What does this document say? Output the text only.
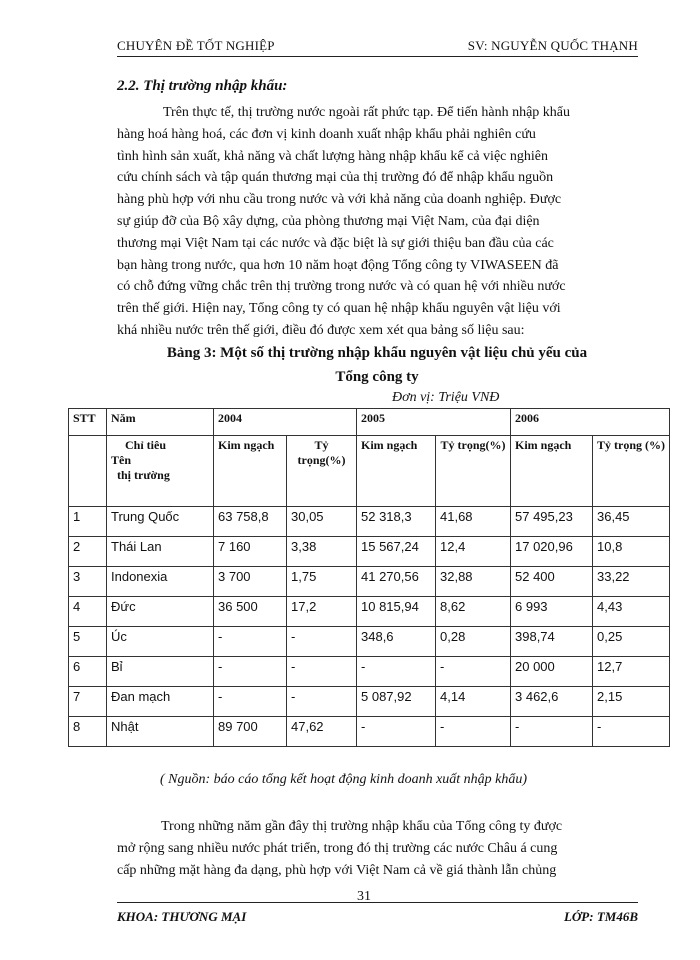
CHUYÊN ĐỀ TỐT NGHIỆP	SV: NGUYỄN QUỐC THẠNH
2.2. Thị trường nhập khẩu:
Trên thực tế, thị trường nước ngoài rất phức tạp. Để tiến hành nhập khẩu
hàng hoá hàng hoá, các đơn vị kinh doanh xuất nhập khẩu phải nghiên cứu
tình hình sản xuất, khả năng và chất lượng hàng nhập khẩu kể cả việc nghiên
cứu chính sách và tập quán thương mại của thị trường đó để nhập khẩu nguồn
hàng phù hợp với nhu cầu trong nước và với khả năng của doanh nghiệp. Được
sự giúp đỡ của Bộ xây dựng, của phòng thương mại Việt Nam, của đại diện
thương mại Việt Nam tại các nước và đặc biệt là sự giới thiệu ban đầu của các
bạn hàng trong nước, qua hơn 10 năm hoạt động Tổng công ty VIWASEEN đã
có chỗ đứng vững chắc trên thị trường trong nước và có quan hệ với nhiều nước
trên thế giới. Hiện nay, Tổng công ty có quan hệ nhập khẩu nguyên vật liệu với
khá nhiều nước trên thế giới, điều đó được xem xét qua bảng số liệu sau:
Bảng 3: Một số thị trường nhập khẩu nguyên vật liệu chủ yếu của
Tổng công ty
Đơn vị: Triệu VNĐ
STT	Năm	2004		2005		2006	

	Chỉ tiêu
Tên
thị trường	Kim ngạch	Tỷ trọng(%)	Kim ngạch	Tỷ trọng(%)	Kim ngạch	Tỷ trọng (%)
1	Trung Quốc	63 758,8	30,05	52 318,3	41,68	57 495,23	36,45
2	Thái Lan	7 160	3,38	15 567,24	12,4	17 020,96	10,8
3	Indonexia	3 700	1,75	41 270,56	32,88	52 400	33,22
4	Đức	36 500	17,2	10 815,94	8,62	6 993	4,43
5	Úc	-	-	348,6	0,28	398,74	0,25
6	Bỉ	-	-	-	-	20 000	12,7
7	Đan mạch	-	-	5 087,92	4,14	3 462,6	2,15
8	Nhật	89 700	47,62	-	-	-	-
( Nguồn: báo cáo tổng kết hoạt động kinh doanh xuất nhập khẩu)
Trong những năm gần đây thị trường nhập khẩu của Tổng công ty được
mở rộng sang nhiều nước phát triển, trong đó thị trường các nước Châu á cung
cấp những mặt hàng đa dạng, phù hợp với Việt Nam cả về giá thành lẫn chủng
KHOA: THƯƠNG MẠI
31
LỚP: TM46B
